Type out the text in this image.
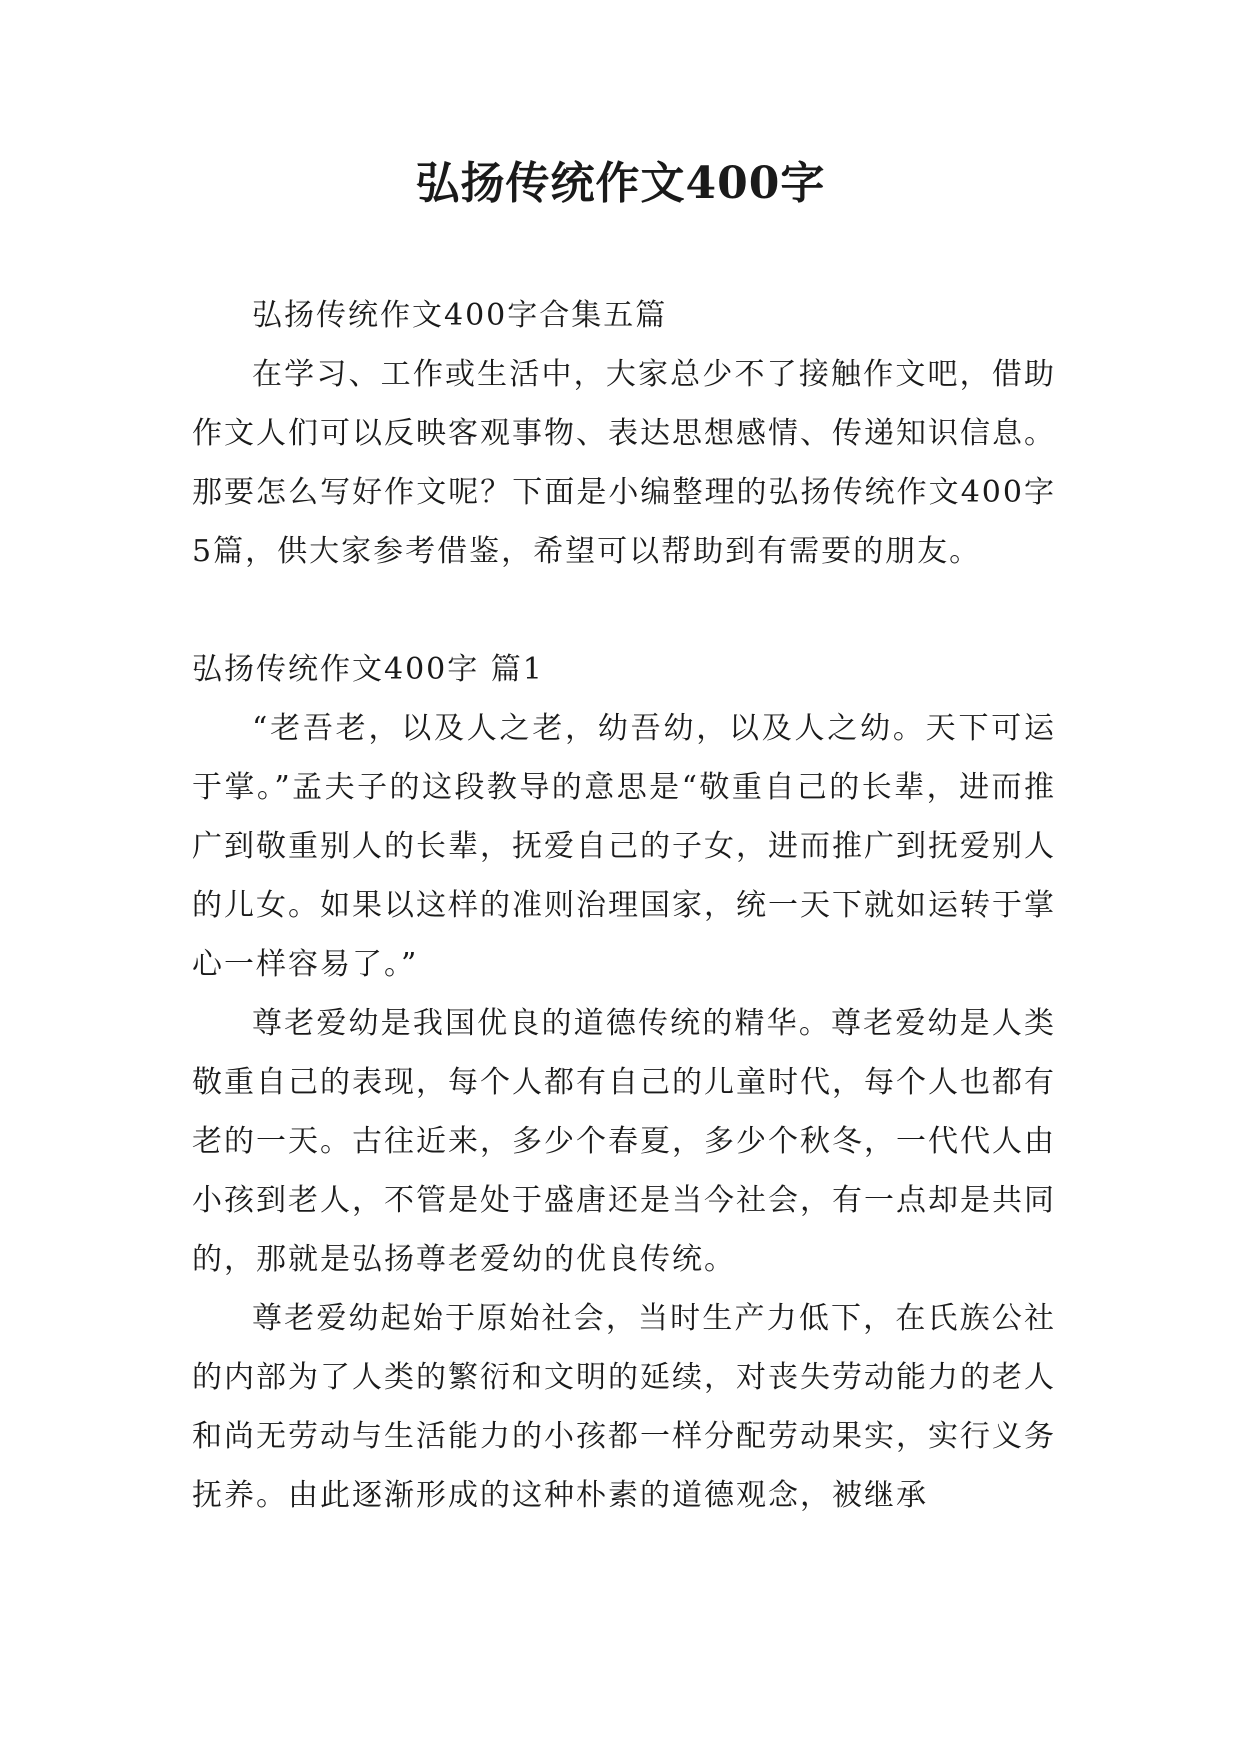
弘扬传统作文400字

弘扬传统作文400字合集五篇

在学习、工作或生活中，大家总少不了接触作文吧，借助作文人们可以反映客观事物、表达思想感情、传递知识信息。那要怎么写好作文呢？下面是小编整理的弘扬传统作文400字5篇，供大家参考借鉴，希望可以帮助到有需要的朋友。

弘扬传统作文400字 篇1

“老吾老，以及人之老，幼吾幼，以及人之幼。天下可运于掌。”孟夫子的这段教导的意思是“敬重自己的长辈，进而推广到敬重别人的长辈，抚爱自己的子女，进而推广到抚爱别人的儿女。如果以这样的准则治理国家，统一天下就如运转于掌心一样容易了。”

尊老爱幼是我国优良的道德传统的精华。尊老爱幼是人类敬重自己的表现，每个人都有自己的儿童时代，每个人也都有老的一天。古往近来，多少个春夏，多少个秋冬，一代代人由小孩到老人，不管是处于盛唐还是当今社会，有一点却是共同的，那就是弘扬尊老爱幼的优良传统。

尊老爱幼起始于原始社会，当时生产力低下，在氏族公社的内部为了人类的繁衍和文明的延续，对丧失劳动能力的老人和尚无劳动与生活能力的小孩都一样分配劳动果实，实行义务抚养。由此逐渐形成的这种朴素的道德观念，被继承
